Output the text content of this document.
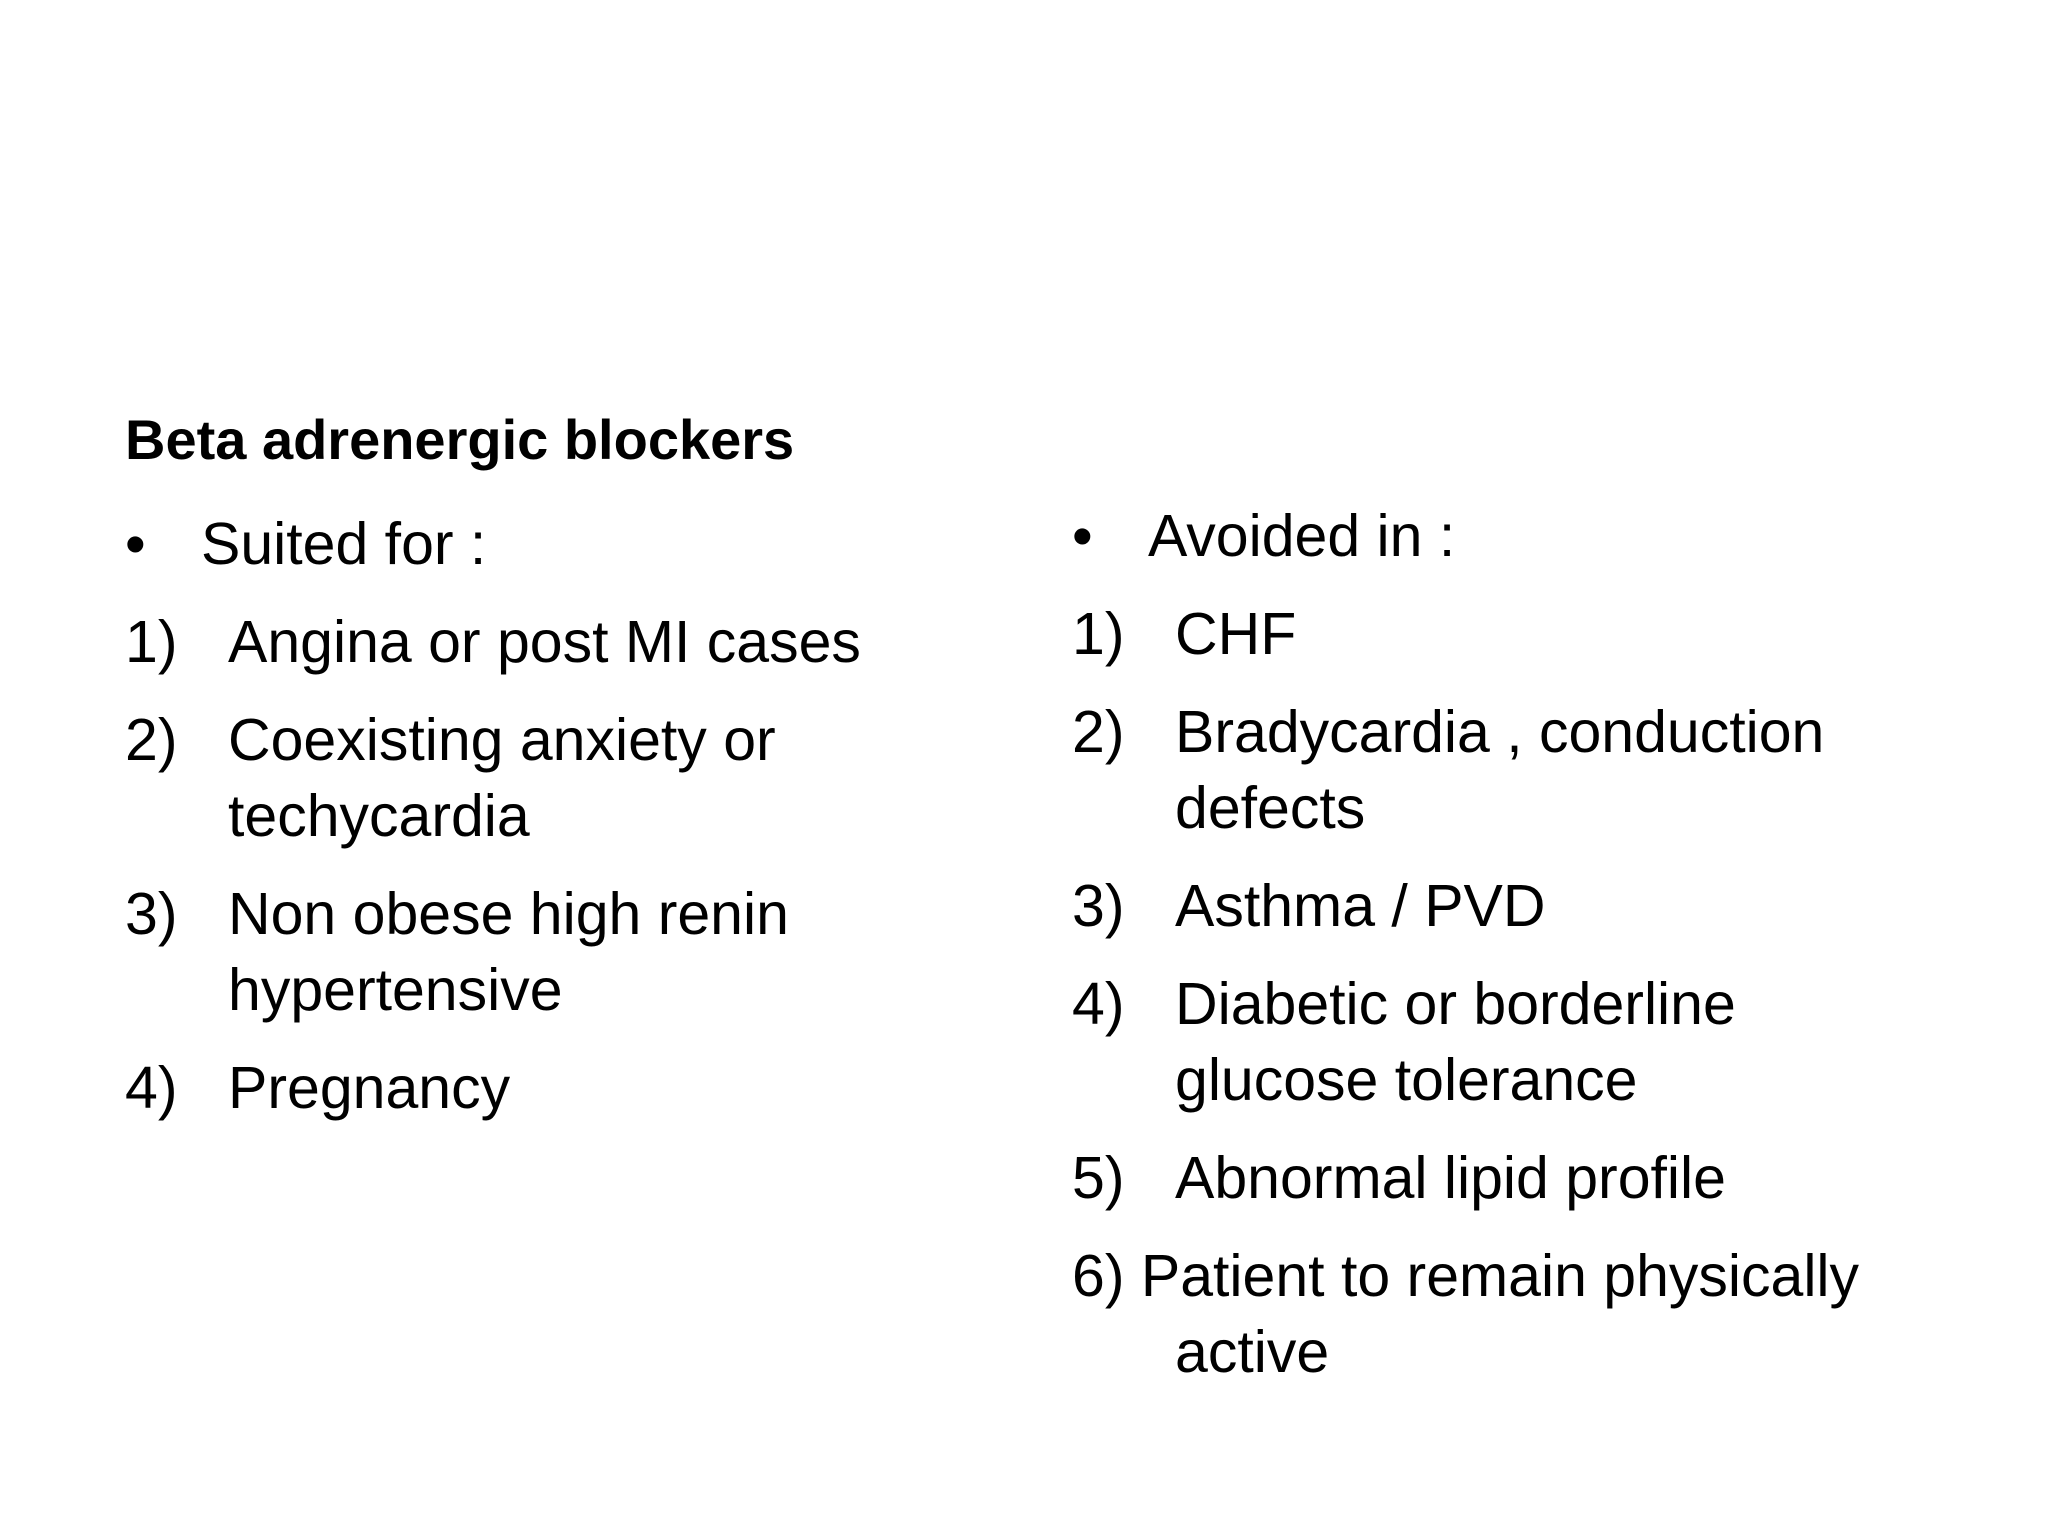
Beta adrenergic blockers
• Suited for :
1) Angina or post MI cases
2) Coexisting anxiety or
techycardia
3) Non obese high renin
hypertensive
4) Pregnancy
• Avoided in :
1) CHF
2) Bradycardia , conduction
defects
3) Asthma / PVD
4) Diabetic or borderline
glucose tolerance
5) Abnormal lipid profile
6) Patient to remain physically
active
